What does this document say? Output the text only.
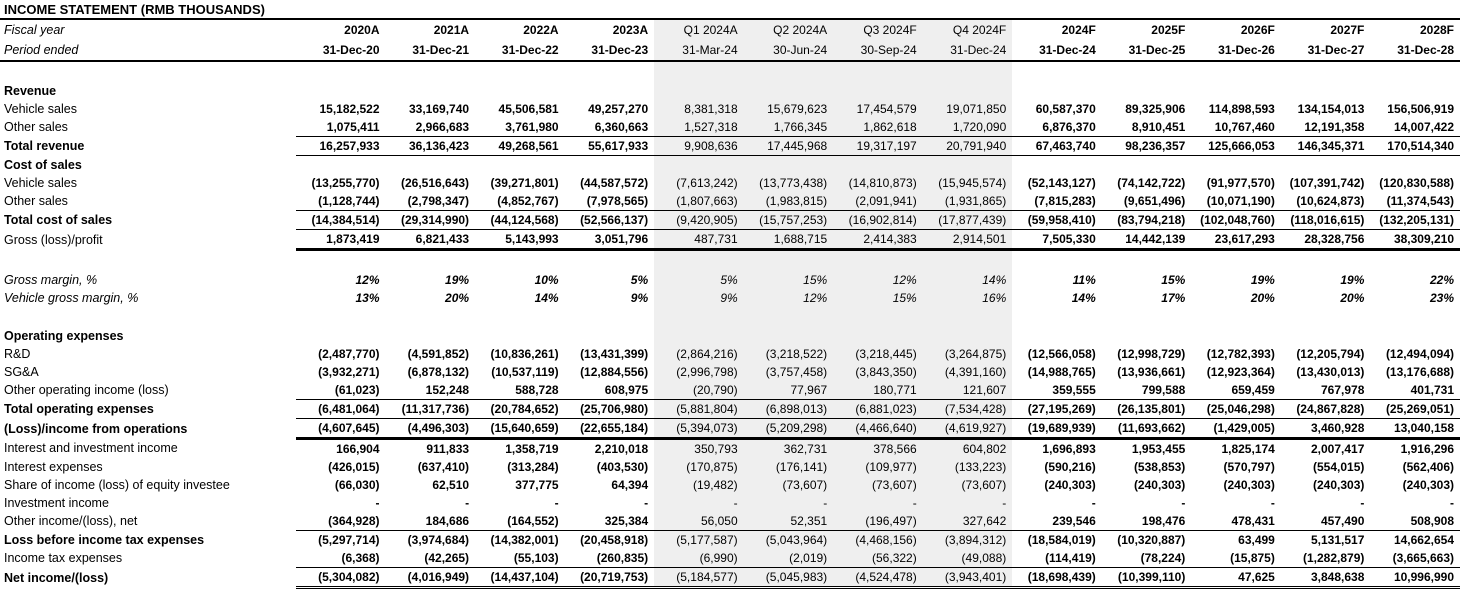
INCOME STATEMENT (RMB THOUSANDS)
Fiscal year	2020A	2021A	2022A	2023A	Q1 2024A	Q2 2024A	Q3 2024F	Q4 2024F	2024F	2025F	2026F	2027F	2028F
Period ended	31-Dec-20	31-Dec-21	31-Dec-22	31-Dec-23	31-Mar-24	30-Jun-24	30-Sep-24	31-Dec-24	31-Dec-24	31-Dec-25	31-Dec-26	31-Dec-27	31-Dec-28

Revenue													
Vehicle sales	15,182,522	33,169,740	45,506,581	49,257,270	8,381,318	15,679,623	17,454,579	19,071,850	60,587,370	89,325,906	114,898,593	134,154,013	156,506,919
Other sales	1,075,411	2,966,683	3,761,980	6,360,663	1,527,318	1,766,345	1,862,618	1,720,090	6,876,370	8,910,451	10,767,460	12,191,358	14,007,422
Total revenue	16,257,933	36,136,423	49,268,561	55,617,933	9,908,636	17,445,968	19,317,197	20,791,940	67,463,740	98,236,357	125,666,053	146,345,371	170,514,340
Cost of sales													
Vehicle sales	(13,255,770)	(26,516,643)	(39,271,801)	(44,587,572)	(7,613,242)	(13,773,438)	(14,810,873)	(15,945,574)	(52,143,127)	(74,142,722)	(91,977,570)	(107,391,742)	(120,830,588)
Other sales	(1,128,744)	(2,798,347)	(4,852,767)	(7,978,565)	(1,807,663)	(1,983,815)	(2,091,941)	(1,931,865)	(7,815,283)	(9,651,496)	(10,071,190)	(10,624,873)	(11,374,543)
Total cost of sales	(14,384,514)	(29,314,990)	(44,124,568)	(52,566,137)	(9,420,905)	(15,757,253)	(16,902,814)	(17,877,439)	(59,958,410)	(83,794,218)	(102,048,760)	(118,016,615)	(132,205,131)
Gross (loss)/profit	1,873,419	6,821,433	5,143,993	3,051,796	487,731	1,688,715	2,414,383	2,914,501	7,505,330	14,442,139	23,617,293	28,328,756	38,309,210

Gross margin, %	12%	19%	10%	5%	5%	15%	12%	14%	11%	15%	19%	19%	22%
Vehicle gross margin, %	13%	20%	14%	9%	9%	12%	15%	16%	14%	17%	20%	20%	23%

Operating expenses													
R&D	(2,487,770)	(4,591,852)	(10,836,261)	(13,431,399)	(2,864,216)	(3,218,522)	(3,218,445)	(3,264,875)	(12,566,058)	(12,998,729)	(12,782,393)	(12,205,794)	(12,494,094)
SG&A	(3,932,271)	(6,878,132)	(10,537,119)	(12,884,556)	(2,996,798)	(3,757,458)	(3,843,350)	(4,391,160)	(14,988,765)	(13,936,661)	(12,923,364)	(13,430,013)	(13,176,688)
Other operating income (loss)	(61,023)	152,248	588,728	608,975	(20,790)	77,967	180,771	121,607	359,555	799,588	659,459	767,978	401,731
Total operating expenses	(6,481,064)	(11,317,736)	(20,784,652)	(25,706,980)	(5,881,804)	(6,898,013)	(6,881,023)	(7,534,428)	(27,195,269)	(26,135,801)	(25,046,298)	(24,867,828)	(25,269,051)
(Loss)/income from operations	(4,607,645)	(4,496,303)	(15,640,659)	(22,655,184)	(5,394,073)	(5,209,298)	(4,466,640)	(4,619,927)	(19,689,939)	(11,693,662)	(1,429,005)	3,460,928	13,040,158
Interest and investment income	166,904	911,833	1,358,719	2,210,018	350,793	362,731	378,566	604,802	1,696,893	1,953,455	1,825,174	2,007,417	1,916,296
Interest expenses	(426,015)	(637,410)	(313,284)	(403,530)	(170,875)	(176,141)	(109,977)	(133,223)	(590,216)	(538,853)	(570,797)	(554,015)	(562,406)
Share of income (loss) of equity investee	(66,030)	62,510	377,775	64,394	(19,482)	(73,607)	(73,607)	(73,607)	(240,303)	(240,303)	(240,303)	(240,303)	(240,303)
Investment income	-	-	-	-	-	-	-	-	-	-	-	-	-
Other income/(loss), net	(364,928)	184,686	(164,552)	325,384	56,050	52,351	(196,497)	327,642	239,546	198,476	478,431	457,490	508,908
Loss before income tax expenses	(5,297,714)	(3,974,684)	(14,382,001)	(20,458,918)	(5,177,587)	(5,043,964)	(4,468,156)	(3,894,312)	(18,584,019)	(10,320,887)	63,499	5,131,517	14,662,654
Income tax expenses	(6,368)	(42,265)	(55,103)	(260,835)	(6,990)	(2,019)	(56,322)	(49,088)	(114,419)	(78,224)	(15,875)	(1,282,879)	(3,665,663)
Net income/(loss)	(5,304,082)	(4,016,949)	(14,437,104)	(20,719,753)	(5,184,577)	(5,045,983)	(4,524,478)	(3,943,401)	(18,698,439)	(10,399,110)	47,625	3,848,638	10,996,990
